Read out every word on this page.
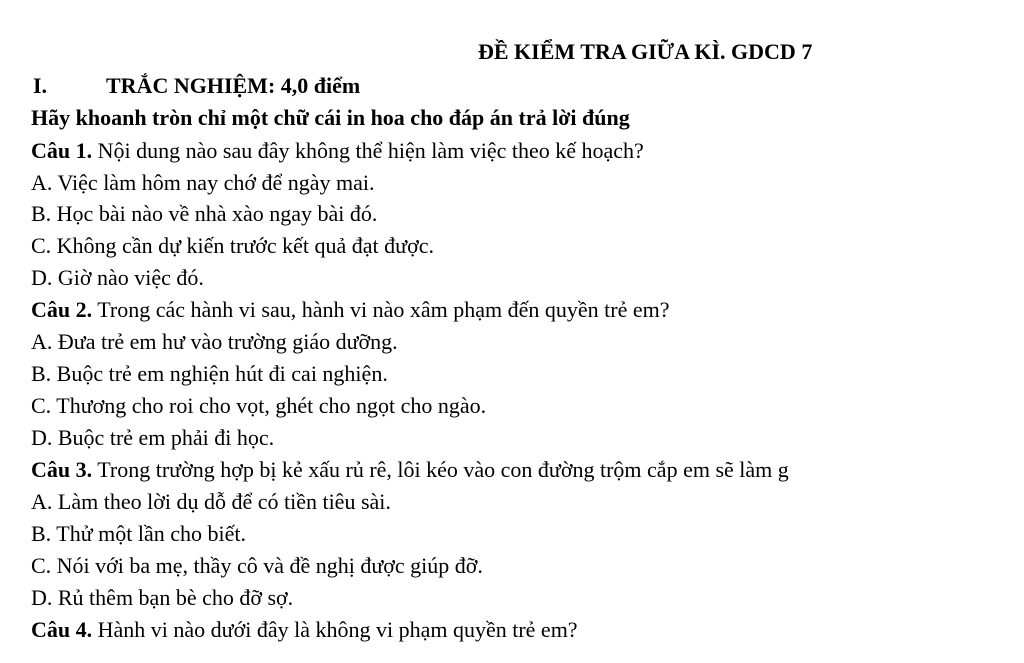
ĐỀ KIỂM TRA GIỮA KÌ. GDCD 7
I.	TRẮC NGHIỆM: 4,0 điểm
Hãy khoanh tròn chỉ một chữ cái in hoa cho đáp án trả lời đúng
Câu 1. Nội dung nào sau đây không thể hiện làm việc theo kế hoạch?
A. Việc làm hôm nay chớ để ngày mai.
B. Học bài nào về nhà xào ngay bài đó.
C. Không cần dự kiến trước kết quả đạt được.
D. Giờ nào việc đó.
Câu 2. Trong các hành vi sau, hành vi nào xâm phạm đến quyền trẻ em?
A. Đưa trẻ em hư vào trường giáo dưỡng.
B. Buộc trẻ em nghiện hút đi cai nghiện.
C. Thương cho roi cho vọt, ghét cho ngọt cho ngào.
D. Buộc trẻ em phải đi học.
Câu 3. Trong trường hợp bị kẻ xấu rủ rê, lôi kéo vào con đường trộm cắp em sẽ làm g
A. Làm theo lời dụ dỗ để có tiền tiêu sài.
B. Thử một lần cho biết.
C. Nói với ba mẹ, thầy cô và đề nghị được giúp đỡ.
D. Rủ thêm bạn bè cho đỡ sợ.
Câu 4. Hành vi nào dưới đây là không vi phạm quyền trẻ em?
